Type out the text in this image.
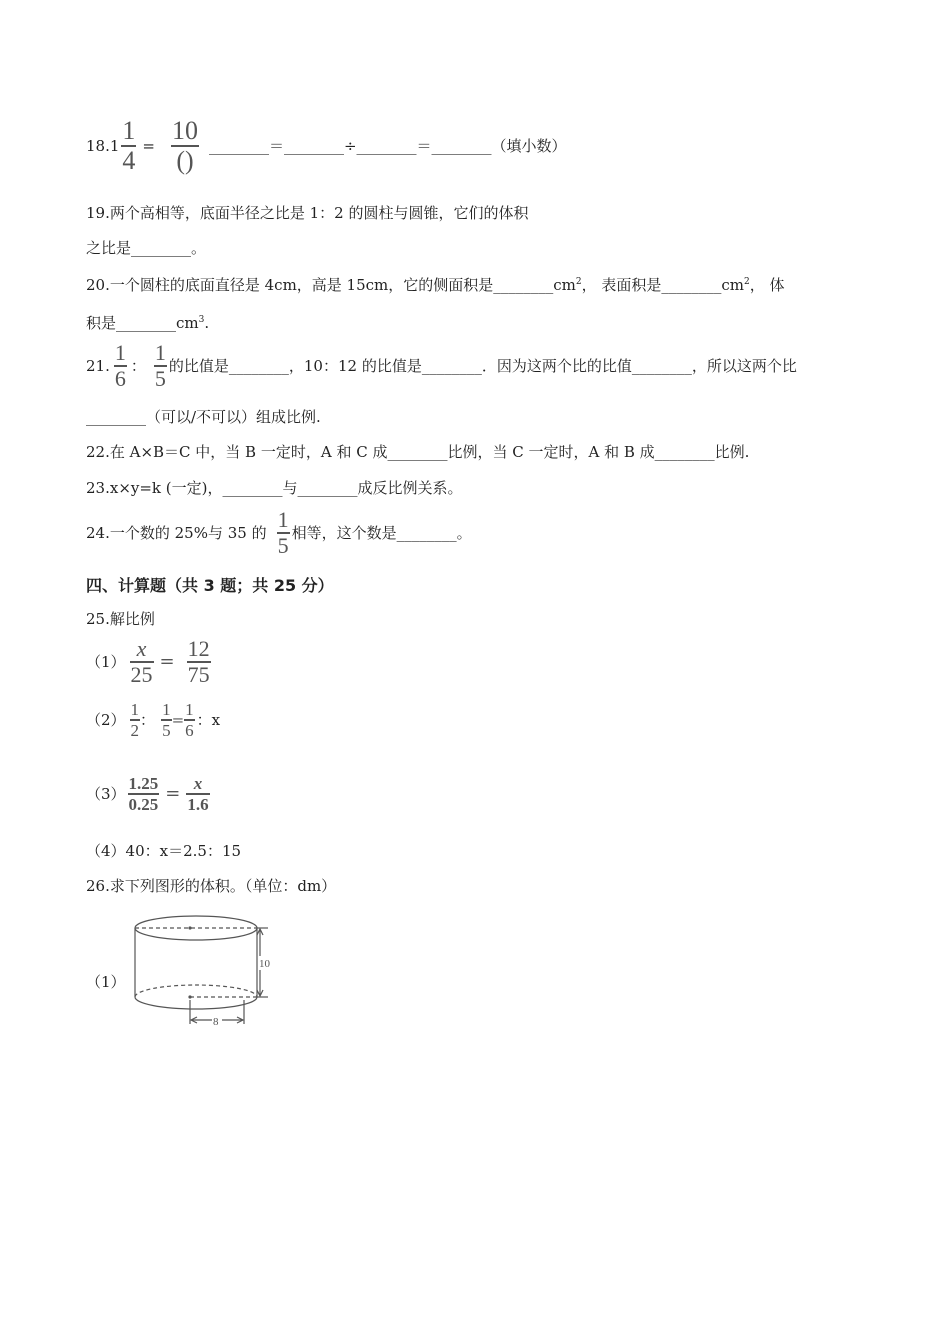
18. $1 \frac{1}{4} = \frac{10}{()}$ ________＝________÷________＝________（填小数）
19.两个高相等，底面半径之比是 1：2 的圆柱与圆锥，它们的体积
之比是________。
20.一个圆柱的底面直径是 4cm，高是 15cm，它的侧面积是$\_\_\_\_\_\_\_\_cm^2$， 表面积是$\_\_\_\_\_\_\_\_cm^2$， 体
积是$\_\_\_\_\_\_\_\_cm^3$.
21. $\frac{1}{6}$ ： $\frac{1}{5}$ 的比值是________，10：12 的比值是________．因为这两个比的比值________，所以这两个比
________（可以/不可以）组成比例.
22.在 A×B＝C 中，当 B 一定时，A 和 C 成________比例，当 C 一定时，A 和 B 成________比例.
23.x×y=k (一定)，________与________成反比例关系。
24.一个数的 25%与 35 的 $\frac{1}{5}$ 相等，这个数是________。
四、计算题（共 3 题；共 25 分）
25.解比例
$(1) \frac{x}{25} = \frac{12}{75}$
$(2) \frac{1}{2}$ ： $\frac{1}{5} = \frac{1}{6}$ ：x
$(3) \frac{1.25}{0.25} = \frac{x}{1.6}$
（4）40：x＝2.5：15
26.求下列图形的体积。（单位：dm）
（1）
10
8
